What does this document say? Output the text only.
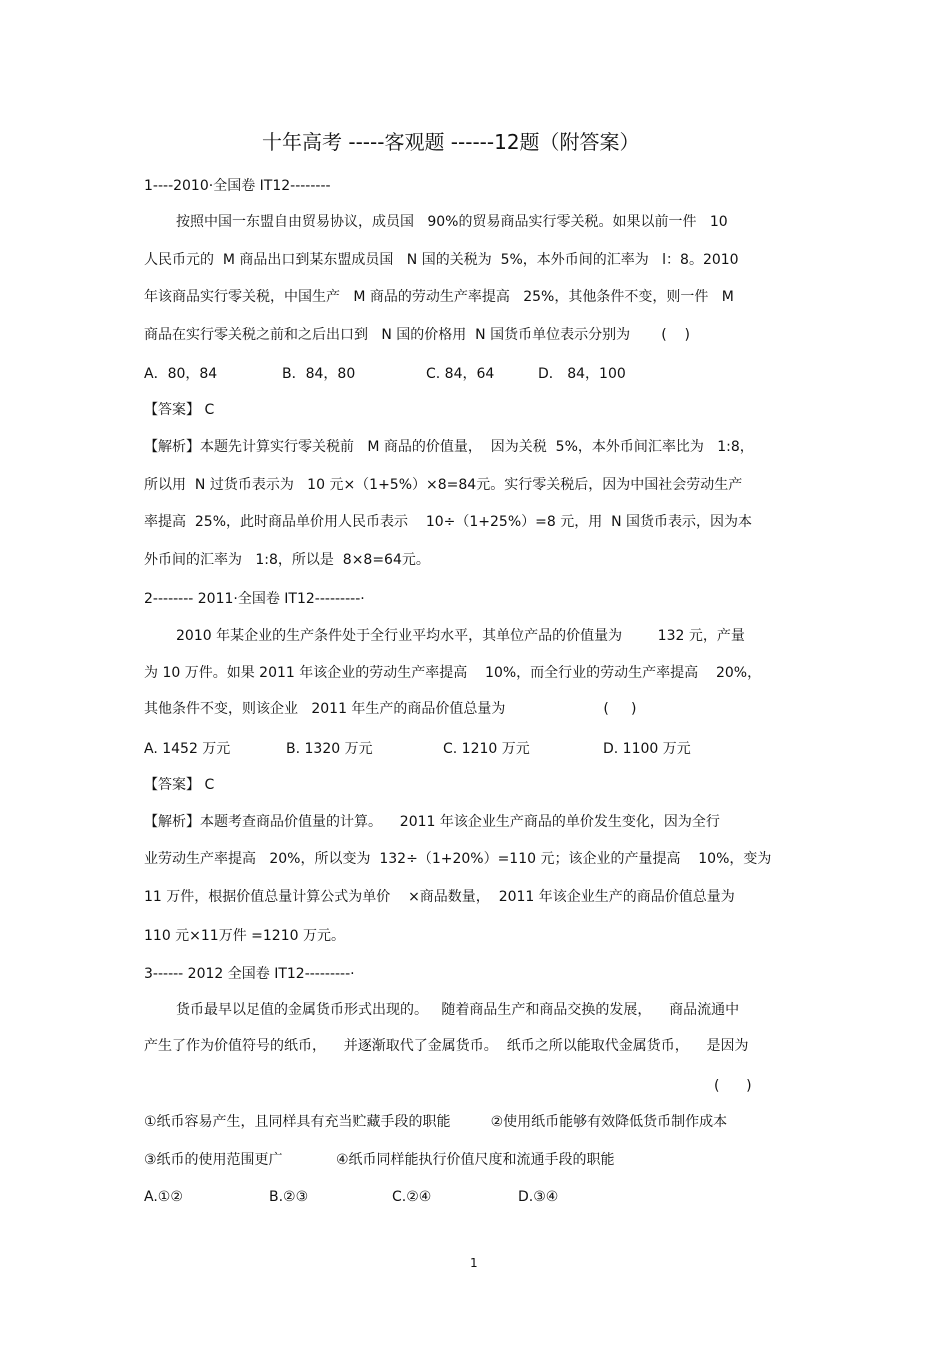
十年高考 -----客观题 ------12题（附答案）
1----2010·全国卷 ⅠT12--------
按照中国一东盟自由贸易协议，成员国   90%的贸易商品实行零关税。如果以前一件   10
人民币元的  M 商品出口到某东盟成员国   N 国的关税为  5%，本外币间的汇率为   l：8。2010
年该商品实行零关税，中国生产   M 商品的劳动生产率提高   25%，其他条件不变，则一件   M
商品在实行零关税之前和之后出口到   N 国的价格用  N 国货币单位表示分别为       (    )
A．80，84	B．84，80	C. 84，64	D． 84，100
【答案】 C
【解析】本题先计算实行零关税前   M 商品的价值量，  因为关税  5%，本外币间汇率比为   1:8，
所以用  N 过货币表示为   10 元×（1+5%）×8=84元。实行零关税后，因为中国社会劳动生产
率提高  25%，此时商品单价用人民币表示    10÷（1+25%）=8 元，用  N 国货币表示，因为本
外币间的汇率为   1:8，所以是  8×8=64元。
2-------- 2011·全国卷 ⅠT12---------·
2010 年某企业的生产条件处于全行业平均水平，其单位产品的价值量为        132 元，产量
为 10 万件。如果 2011 年该企业的劳动生产率提高    10%，而全行业的劳动生产率提高    20%，
其他条件不变，则该企业   2011 年生产的商品价值总量为                      (     )
A. 1452 万元	B. 1320 万元	C. 1210 万元	D. 1100 万元
【答案】 C
【解析】本题考查商品价值量的计算。    2011 年该企业生产商品的单价发生变化，因为全行
业劳动生产率提高   20%，所以变为  132÷（1+20%）=110 元；该企业的产量提高    10%，变为
11 万件，根据价值总量计算公式为单价    ×商品数量，  2011 年该企业生产的商品价值总量为
110 元×11万件 =1210 万元。
3------ 2012 全国卷 ⅠT12---------·
货币最早以足值的金属货币形式出现的。   随着商品生产和商品交换的发展，    商品流通中
产生了作为价值符号的纸币，    并逐渐取代了金属货币。  纸币之所以能取代金属货币，    是因为
(      )
①纸币容易产生，且同样具有充当贮藏手段的职能         ②使用纸币能够有效降低货币制作成本
③纸币的使用范围更广            ④纸币同样能执行价值尺度和流通手段的职能
A.①②	B.②③	C.②④	D.③④
1
